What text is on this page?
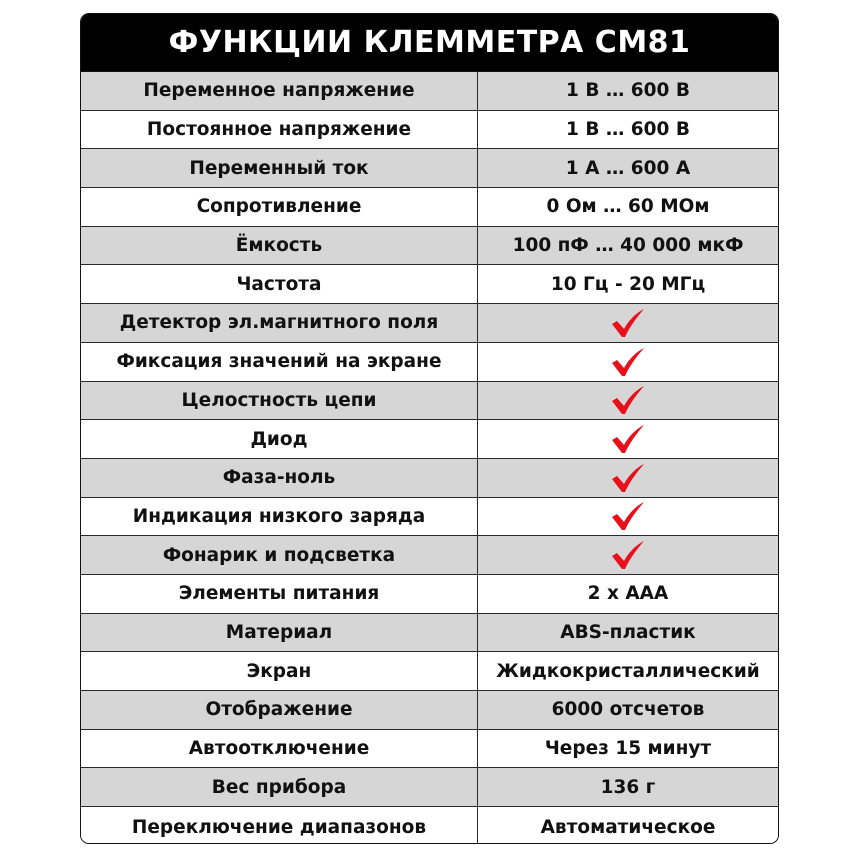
ФУНКЦИИ КЛЕММЕТРА СМ81
Переменное напряжение	1 В … 600 В
Постоянное напряжение	1 В … 600 В
Переменный ток	1 А … 600 А
Сопротивление	0 Ом … 60 МОм
Ёмкость	100 пФ … 40 000 мкФ
Частота	10 Гц - 20 МГц
Детектор эл.магнитного поля
Фиксация значений на экране
Целостность цепи
Диод
Фаза-ноль
Индикация низкого заряда
Фонарик и подсветка
Элементы питания	2 х ААА
Материал	ABS-пластик
Экран	Жидкокристаллический
Отображение	6000 отсчетов
Автоотключение	Через 15 минут
Вес прибора	136 г
Переключение диапазонов	Автоматическое
